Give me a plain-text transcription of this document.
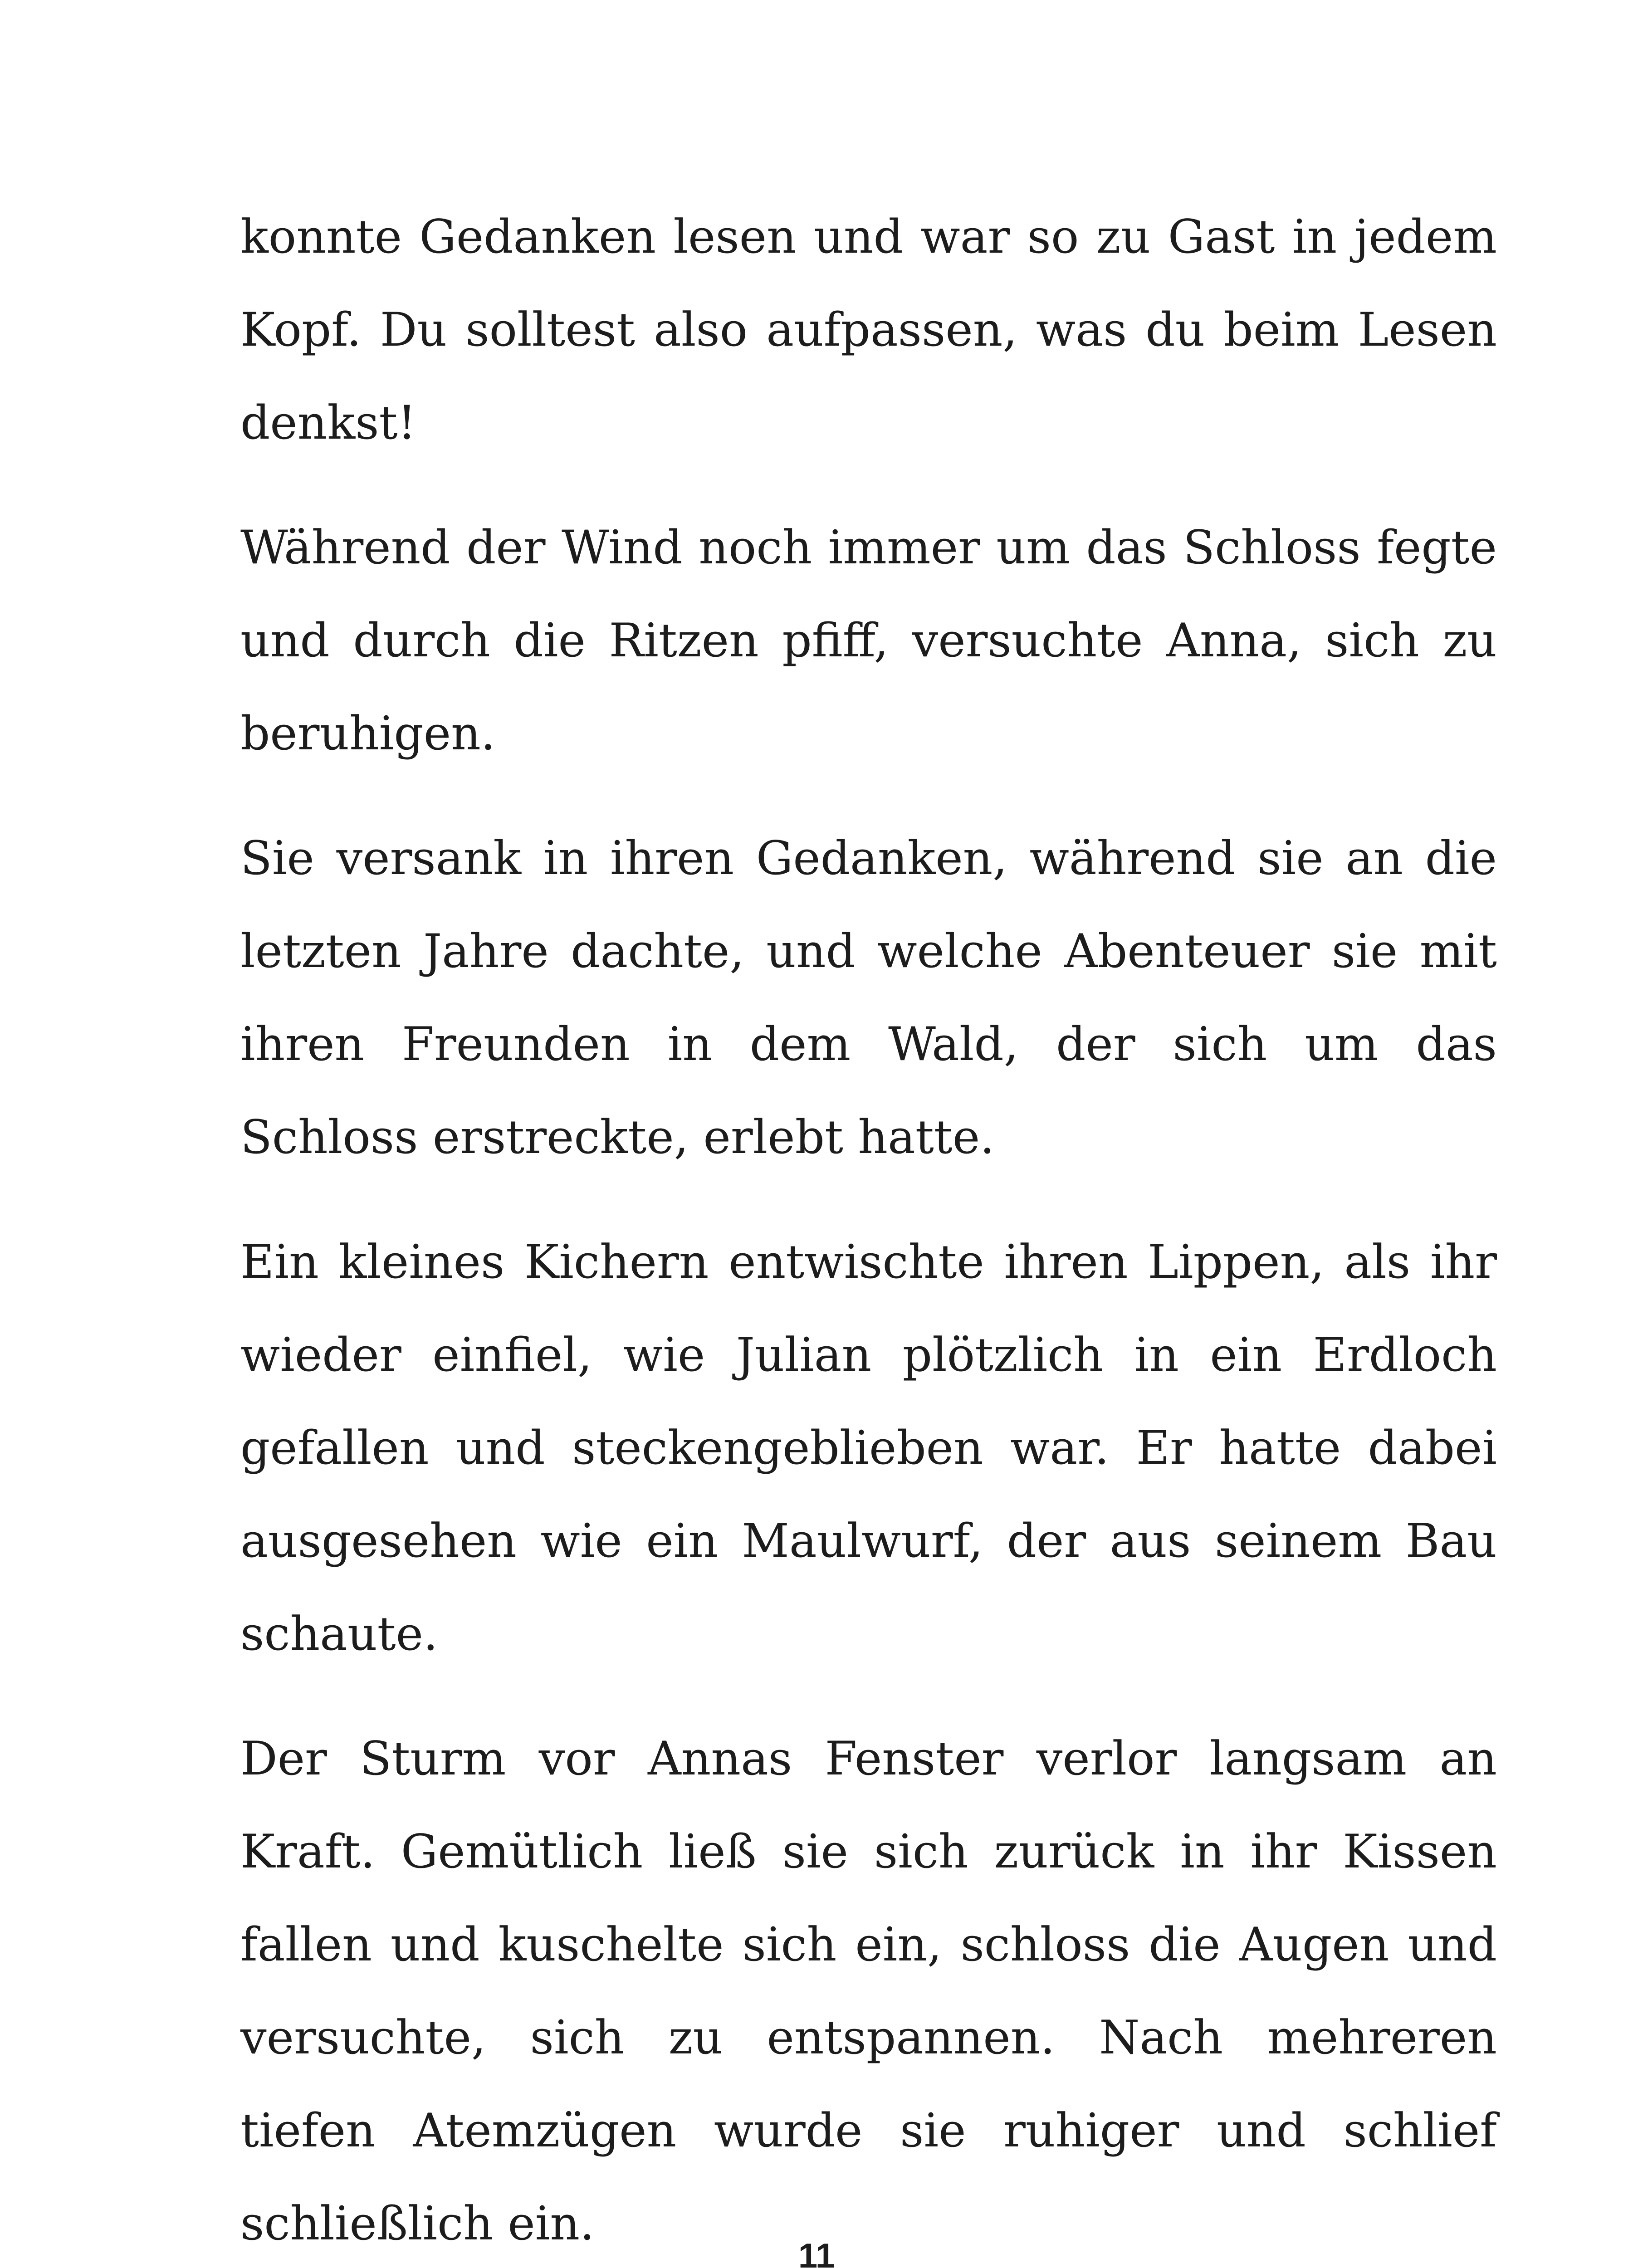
konnte Gedanken lesen und war so zu Gast in jedem Kopf. Du solltest also aufpassen, was du beim Lesen denkst!

Während der Wind noch immer um das Schloss fegte und durch die Ritzen pfiff, versuchte Anna, sich zu beruhigen.

Sie versank in ihren Gedanken, während sie an die letzten Jahre dachte, und welche Abenteuer sie mit ihren Freunden in dem Wald, der sich um das Schloss erstreckte, erlebt hatte.

Ein kleines Kichern entwischte ihren Lippen, als ihr wieder einfiel, wie Julian plötzlich in ein Erdloch gefallen und steckengeblieben war. Er hatte dabei ausgesehen wie ein Maulwurf, der aus seinem Bau schaute.

Der Sturm vor Annas Fenster verlor langsam an Kraft. Gemütlich ließ sie sich zurück in ihr Kissen fallen und kuschelte sich ein, schloss die Augen und versuchte, sich zu entspannen. Nach mehreren tiefen Atemzügen wurde sie ruhiger und schlief schließlich ein.

11
